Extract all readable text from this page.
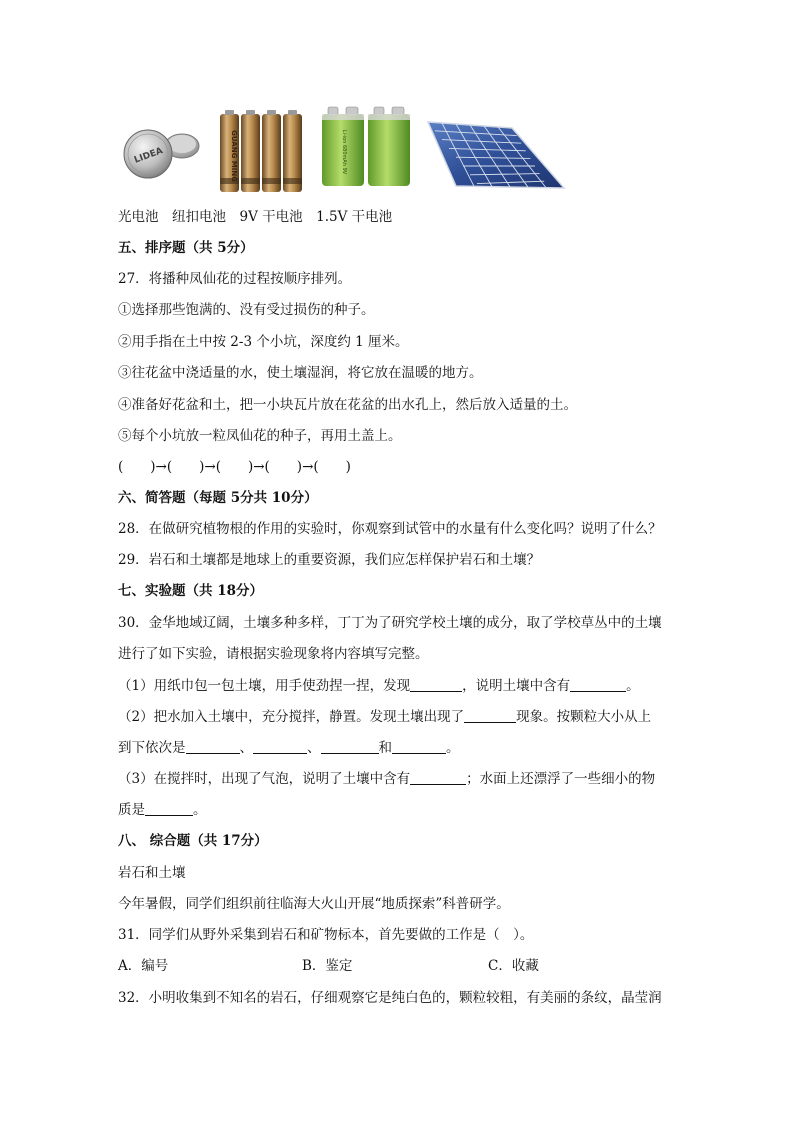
LIDEA	GUANG MING	Li-ion 680mAh 9V
光电池　纽扣电池　9V 干电池　1.5V 干电池
五、排序题（共 5分）
27．将播种凤仙花的过程按顺序排列。
①选择那些饱满的、没有受过损伤的种子。
②用手指在土中按 2-3 个小坑，深度约 1 厘米。
③往花盆中浇适量的水，使土壤湿润，将它放在温暖的地方。
④准备好花盆和土，把一小块瓦片放在花盆的出水孔上，然后放入适量的土。
⑤每个小坑放一粒凤仙花的种子，再用土盖上。
(　　)→(　　)→(　　)→(　　)→(　　)
六、简答题（每题 5分共 10分）
28．在做研究植物根的作用的实验时，你观察到试管中的水量有什么变化吗？说明了什么？
29．岩石和土壤都是地球上的重要资源，我们应怎样保护岩石和土壤？
七、实验题（共 18分）
30．金华地域辽阔，土壤多种多样，丁丁为了研究学校土壤的成分，取了学校草丛中的土壤
进行了如下实验，请根据实验现象将内容填写完整。
（1）用纸巾包一包土壤，用手使劲捏一捏，发现	，说明土壤中含有	。
（2）把水加入土壤中，充分搅拌，静置。发现土壤出现了	现象。按颗粒大小从上
到下依次是	、	、	和	。
（3）在搅拌时，出现了气泡，说明了土壤中含有	；水面上还漂浮了一些细小的物
质是	。
八、 综合题（共 17分）
岩石和土壤
今年暑假，同学们组织前往临海大火山开展“地质探索”科普研学。
31．同学们从野外采集到岩石和矿物标本，首先要做的工作是（　）。
A．编号	B．鉴定	C．收藏
32．小明收集到不知名的岩石，仔细观察它是纯白色的，颗粒较粗，有美丽的条纹，晶莹润
